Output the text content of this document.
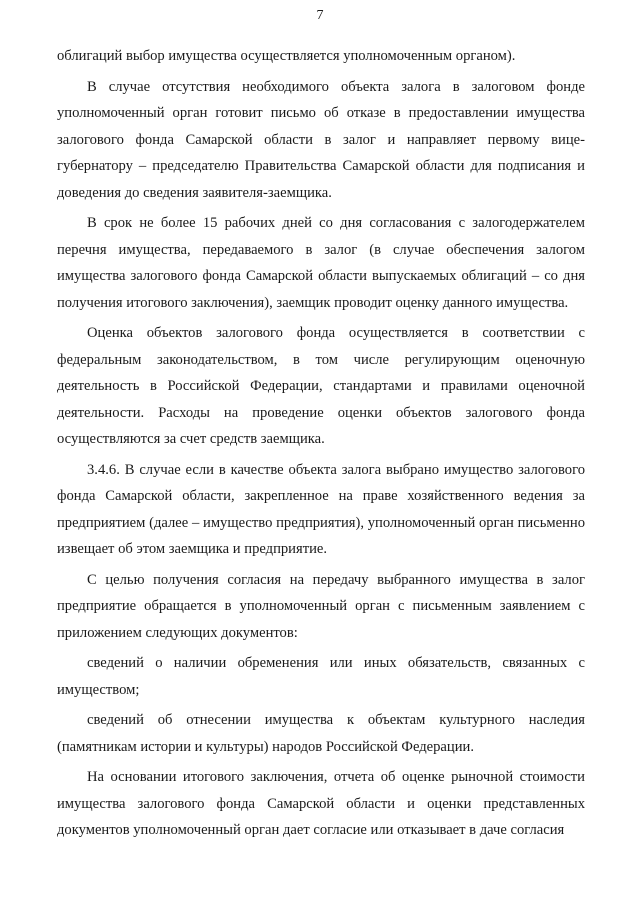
7

облигаций выбор имущества осуществляется уполномоченным органом).

В случае отсутствия необходимого объекта залога в залоговом фонде уполномоченный орган готовит письмо об отказе в предоставлении имущества залогового фонда Самарской области в залог и направляет первому вице-губернатору – председателю Правительства Самарской области для подписания и доведения до сведения заявителя-заемщика.

В срок не более 15 рабочих дней со дня согласования с залогодержателем перечня имущества, передаваемого в залог (в случае обеспечения залогом имущества залогового фонда Самарской области выпускаемых облигаций – со дня получения итогового заключения), заемщик проводит оценку данного имущества.

Оценка объектов залогового фонда осуществляется в соответствии с федеральным законодательством, в том числе регулирующим оценочную деятельность в Российской Федерации, стандартами и правилами оценочной деятельности. Расходы на проведение оценки объектов залогового фонда осуществляются за счет средств заемщика.

3.4.6. В случае если в качестве объекта залога выбрано имущество залогового фонда Самарской области, закрепленное на праве хозяйственного ведения за предприятием (далее – имущество предприятия), уполномоченный орган письменно извещает об этом заемщика и предприятие.

С целью получения согласия на передачу выбранного имущества в залог предприятие обращается в уполномоченный орган с письменным заявлением с приложением следующих документов:

сведений о наличии обременения или иных обязательств, связанных с имуществом;

сведений об отнесении имущества к объектам культурного наследия (памятникам истории и культуры) народов Российской Федерации.

На основании итогового заключения, отчета об оценке рыночной стоимости имущества залогового фонда Самарской области и оценки представленных документов уполномоченный орган дает согласие или отказывает в даче согласия
